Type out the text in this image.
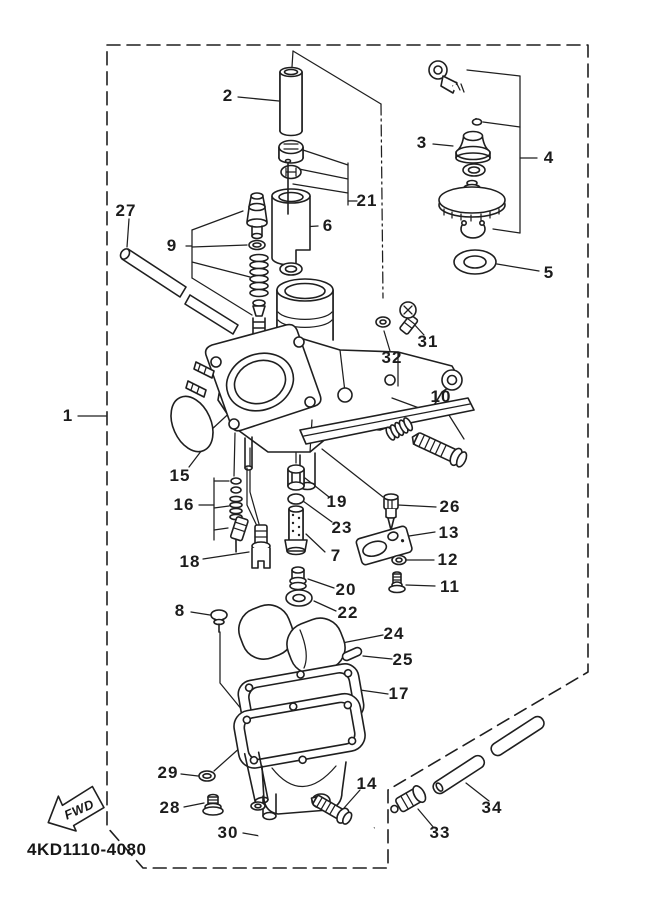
FWD
1
2
3
4
5
6
7
8
9
10
11
12
13
14
15
16
17
18
19
20
21
22
23
24
25
26
27
28
29
30
31
32
33
34
4KD1110-4080
